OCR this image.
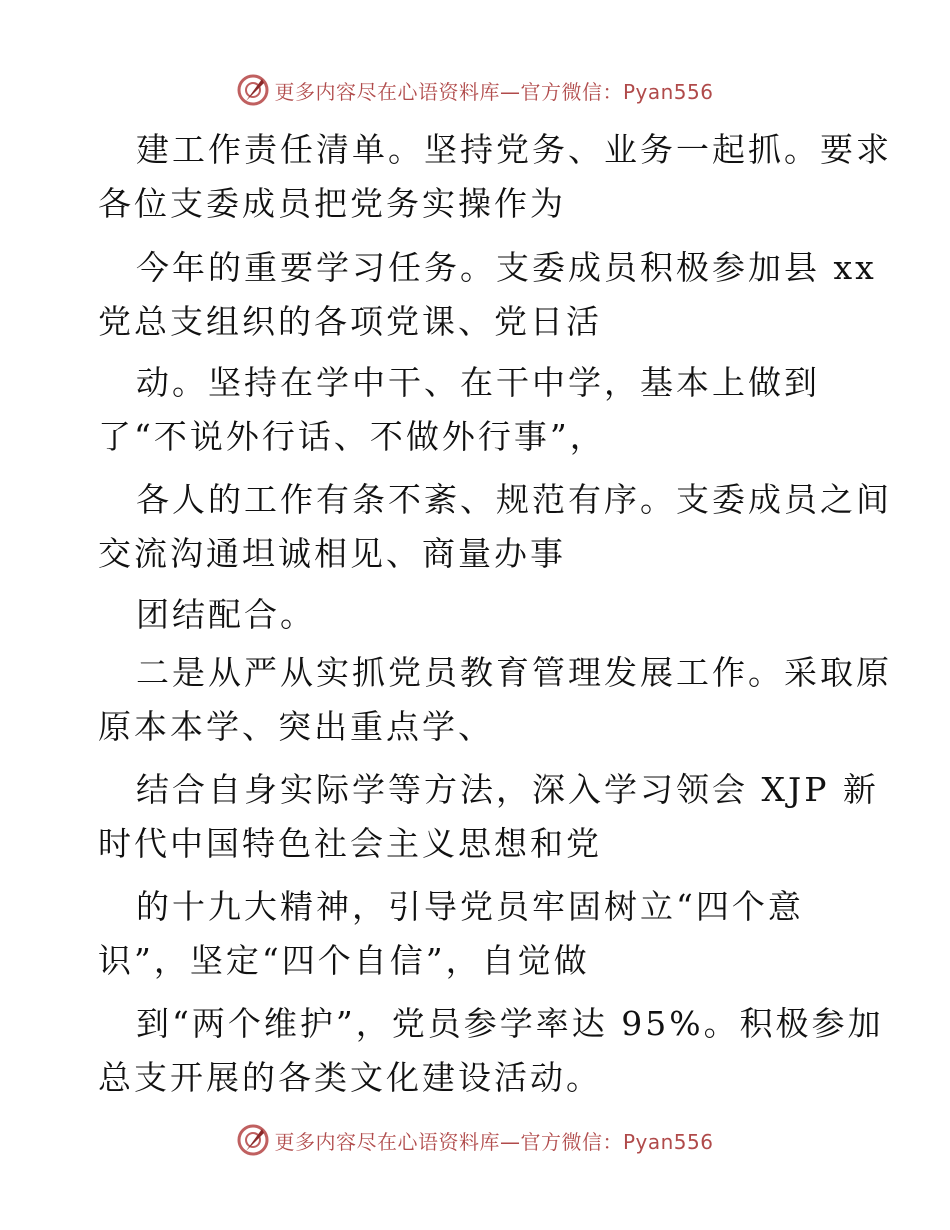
更多内容尽在心语资料库—官方微信：Pyan556
建工作责任清单。坚持党务、业务一起抓。要求
各位支委成员把党务实操作为
今年的重要学习任务。支委成员积极参加县 xx
党总支组织的各项党课、党日活
动。坚持在学中干、在干中学，基本上做到
了“不说外行话、不做外行事”，
各人的工作有条不紊、规范有序。支委成员之间
交流沟通坦诚相见、商量办事
团结配合。
二是从严从实抓党员教育管理发展工作。采取原
原本本学、突出重点学、
结合自身实际学等方法，深入学习领会 XJP 新
时代中国特色社会主义思想和党
的十九大精神，引导党员牢固树立“四个意
识”，坚定“四个自信”，自觉做
到“两个维护”，党员参学率达 95%。积极参加
总支开展的各类文化建设活动。
更多内容尽在心语资料库—官方微信：Pyan556
